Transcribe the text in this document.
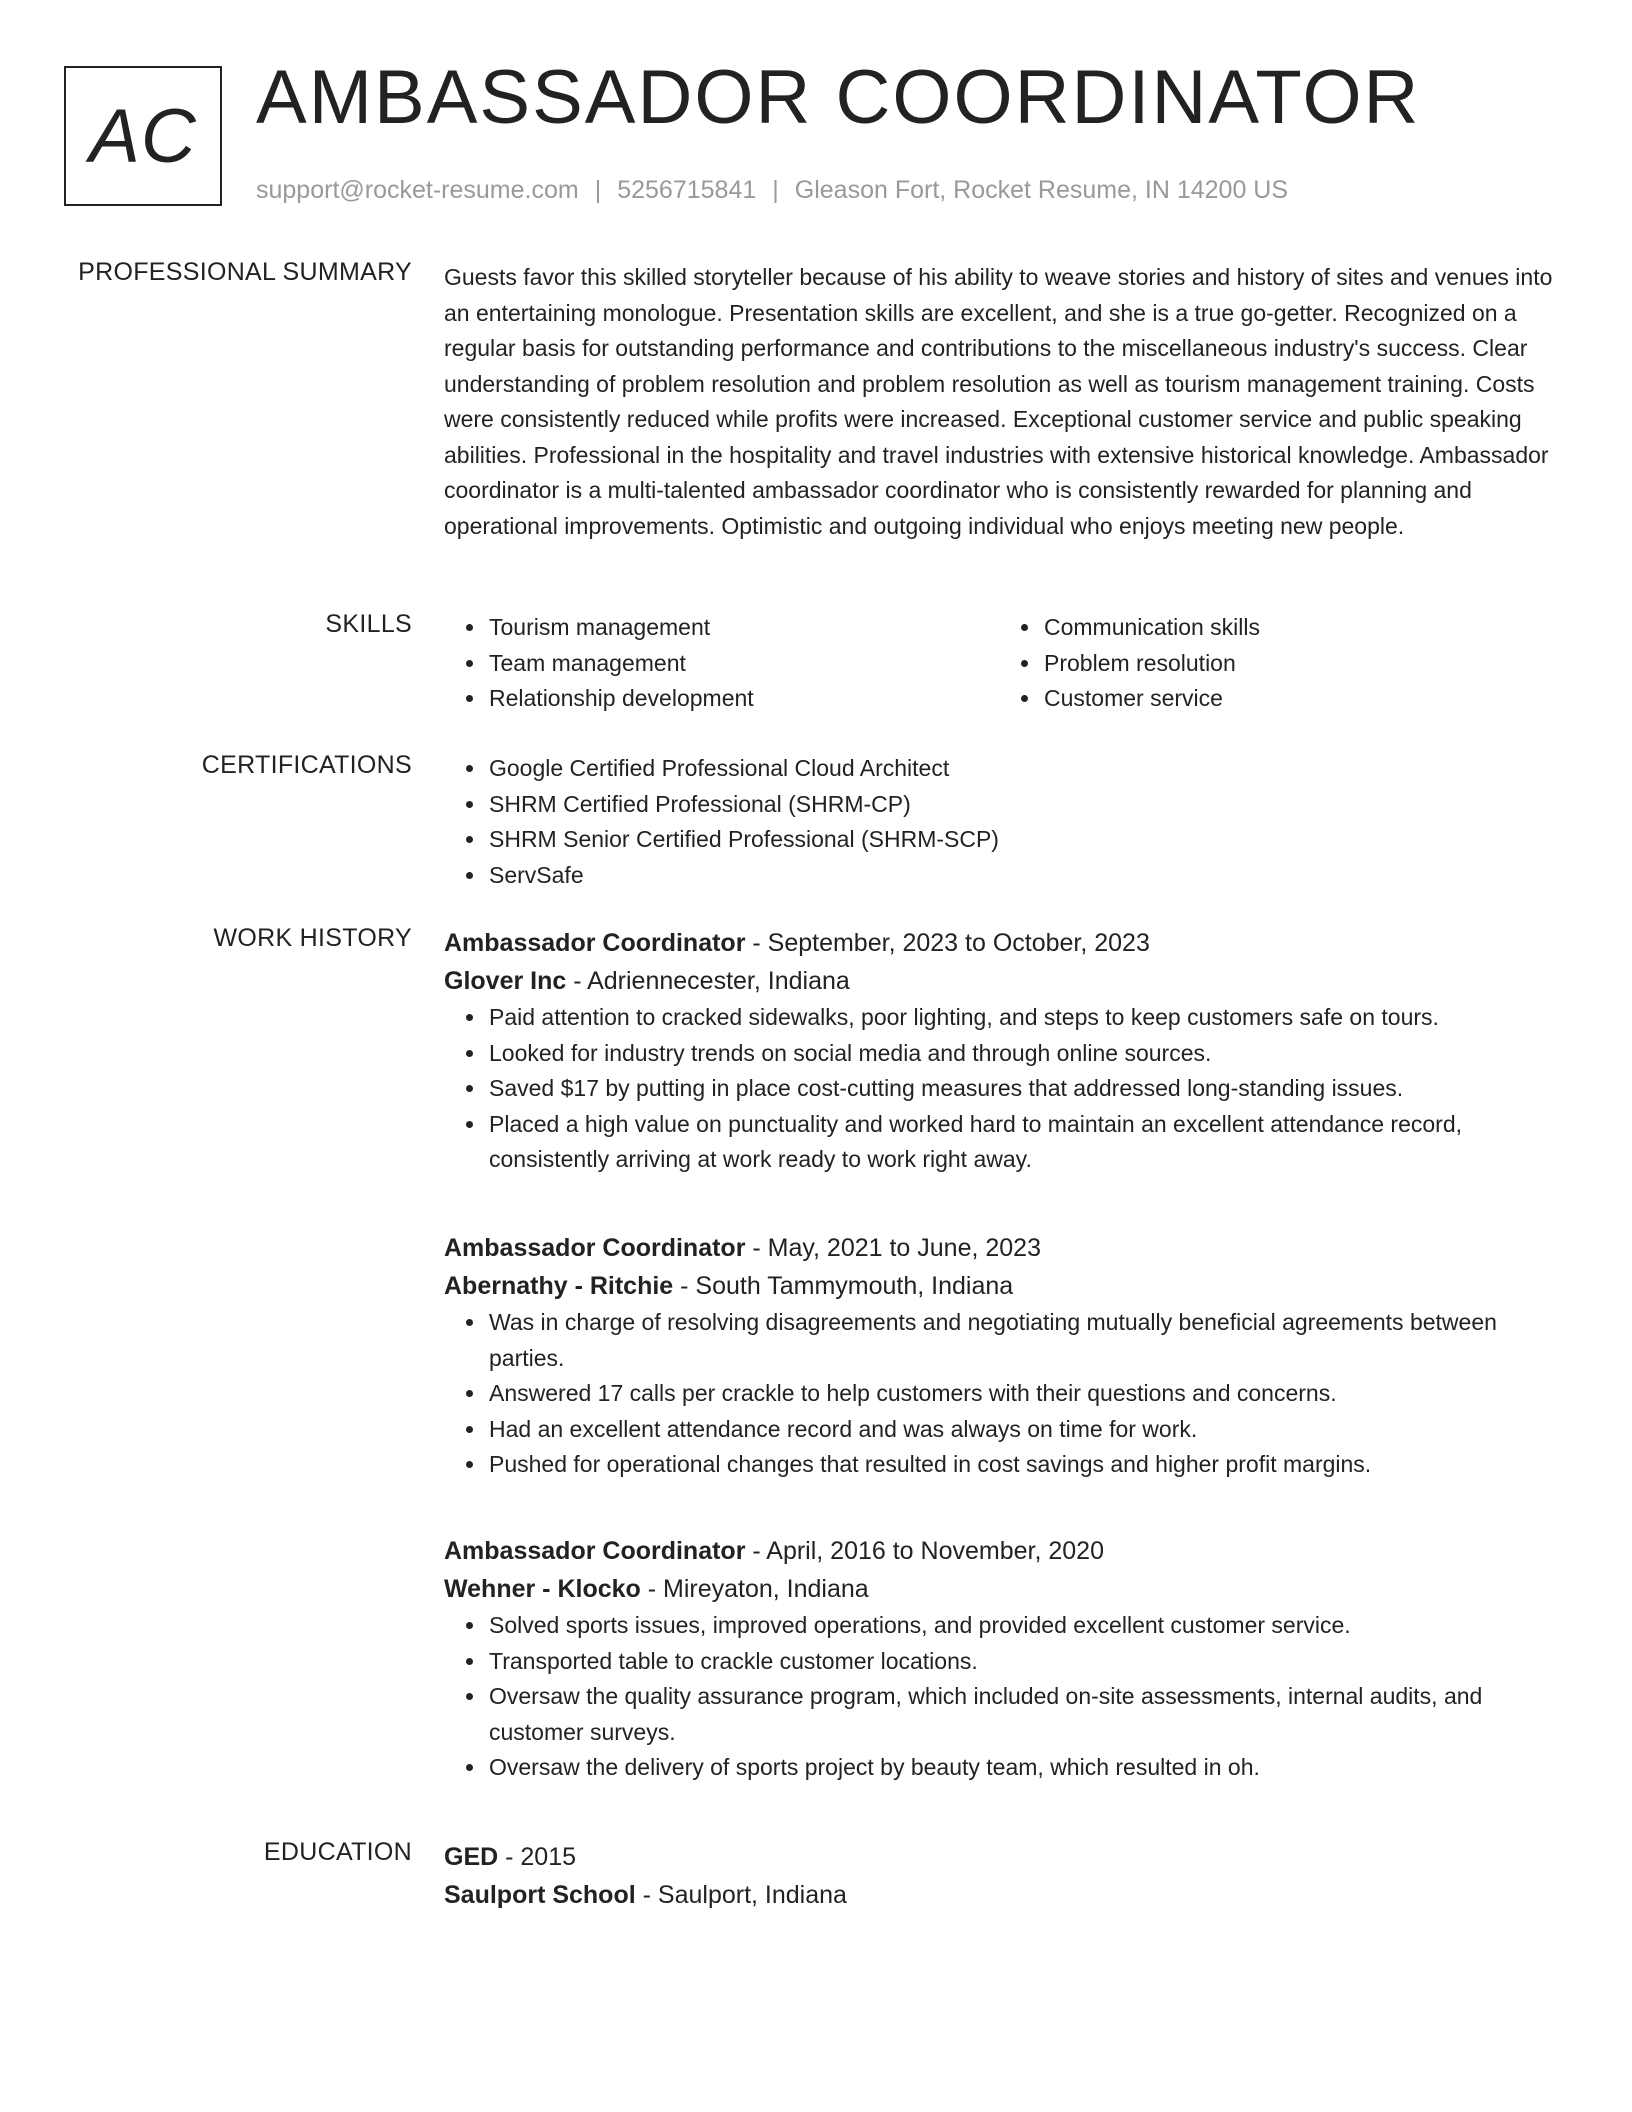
AC AMBASSADOR COORDINATOR
support@rocket-resume.com | 5256715841 | Gleason Fort, Rocket Resume, IN 14200 US
PROFESSIONAL SUMMARY Guests favor this skilled storyteller because of his ability to weave stories and history of sites and venues into an entertaining monologue. Presentation skills are excellent, and she is a true go-getter. Recognized on a regular basis for outstanding performance and contributions to the miscellaneous industry's success. Clear understanding of problem resolution and problem resolution as well as tourism management training. Costs were consistently reduced while profits were increased. Exceptional customer service and public speaking abilities. Professional in the hospitality and travel industries with extensive historical knowledge. Ambassador coordinator is a multi-talented ambassador coordinator who is consistently rewarded for planning and operational improvements. Optimistic and outgoing individual who enjoys meeting new people.

SKILLS	• Tourism management
• Team management
• Relationship development
• Communication skills
• Problem resolution
• Customer service
CERTIFICATIONS	• Google Certified Professional Cloud Architect
• SHRM Certified Professional (SHRM-CP)
• SHRM Senior Certified Professional (SHRM-SCP)
• ServSafe
WORK HISTORY Ambassador Coordinator - September, 2023 to October, 2023
Glover Inc - Adriennecester, Indiana
• Paid attention to cracked sidewalks, poor lighting, and steps to keep customers safe on tours.
• Looked for industry trends on social media and through online sources.
• Saved $17 by putting in place cost-cutting measures that addressed long-standing issues.
• Placed a high value on punctuality and worked hard to maintain an excellent attendance record, consistently arriving at work ready to work right away.
Ambassador Coordinator - May, 2021 to June, 2023
Abernathy - Ritchie - South Tammymouth, Indiana
• Was in charge of resolving disagreements and negotiating mutually beneficial agreements between parties.
• Answered 17 calls per crackle to help customers with their questions and concerns.
• Had an excellent attendance record and was always on time for work.
• Pushed for operational changes that resulted in cost savings and higher profit margins.
Ambassador Coordinator - April, 2016 to November, 2020
Wehner - Klocko - Mireyaton, Indiana
• Solved sports issues, improved operations, and provided excellent customer service.
• Transported table to crackle customer locations.
• Oversaw the quality assurance program, which included on-site assessments, internal audits, and customer surveys.
• Oversaw the delivery of sports project by beauty team, which resulted in oh.
EDUCATION GED - 2015
Saulport School - Saulport, Indiana
